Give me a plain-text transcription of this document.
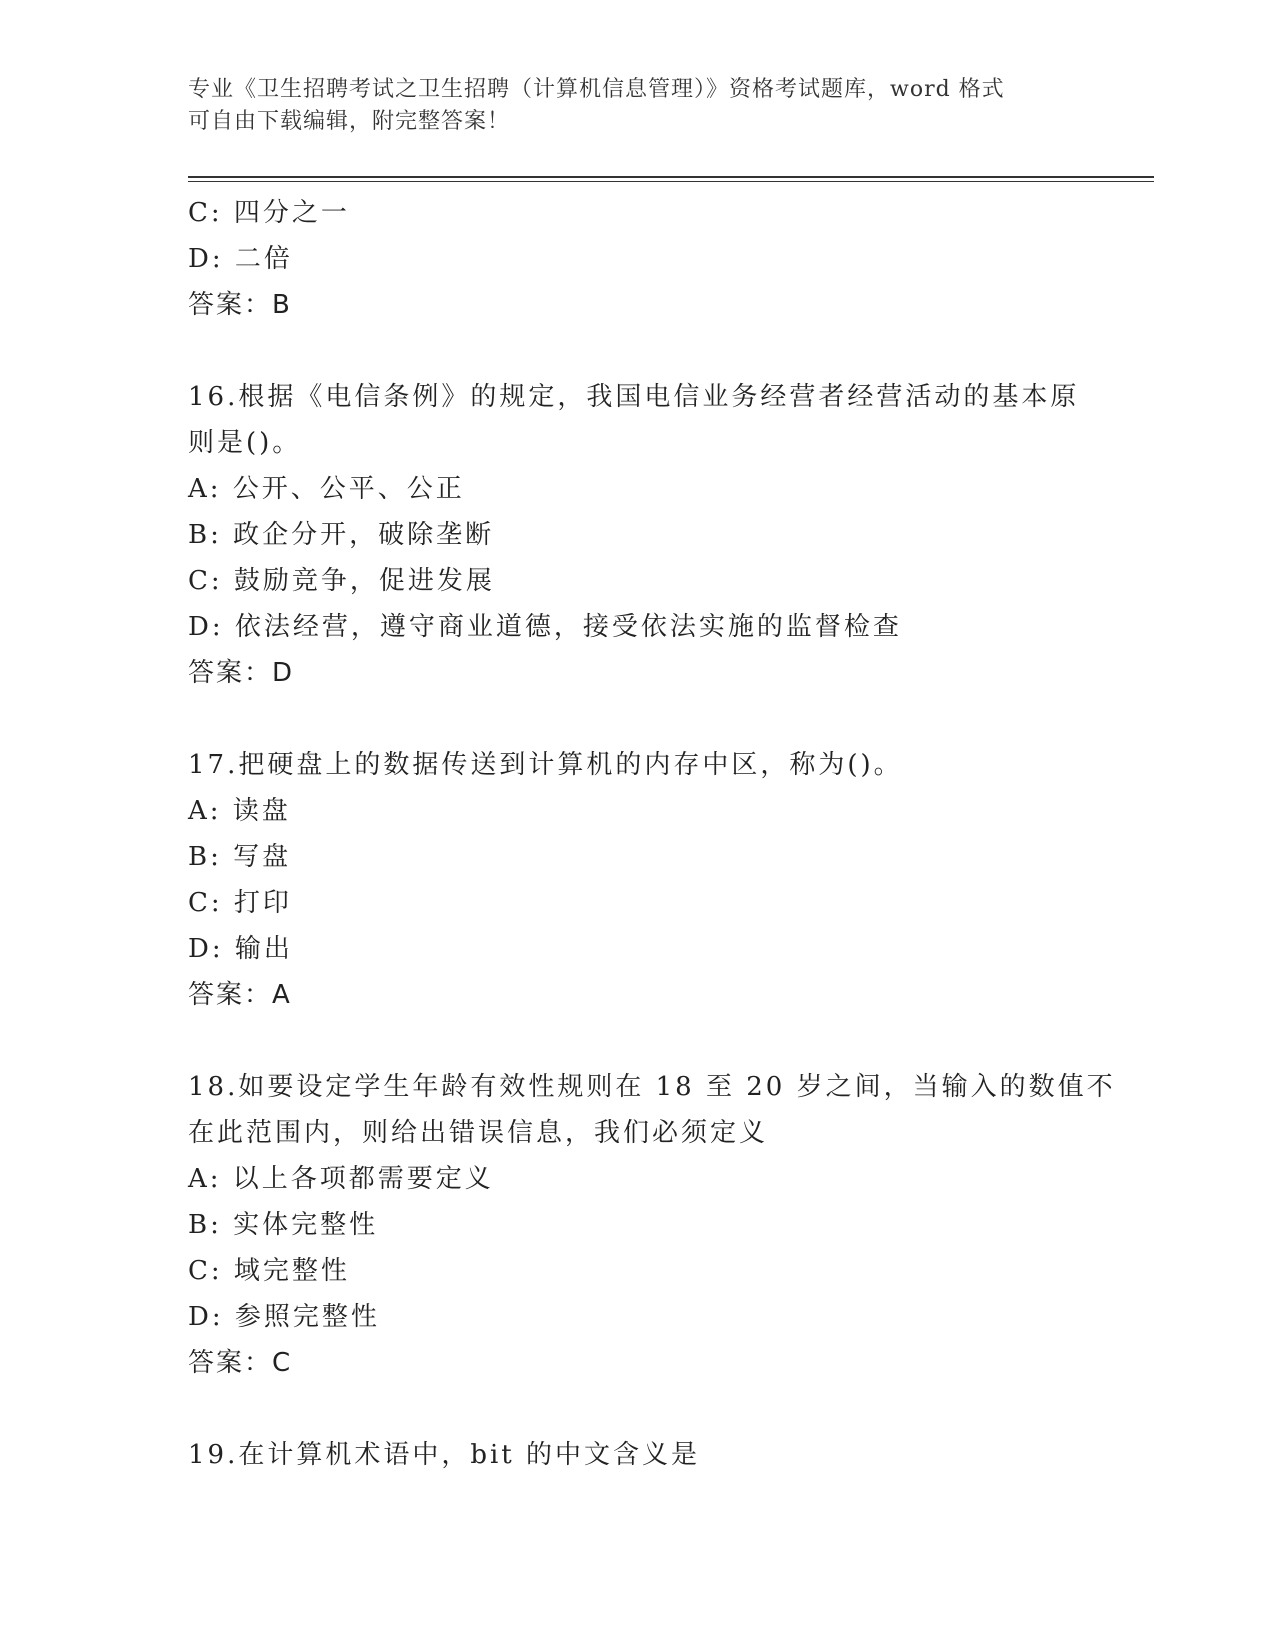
专业《卫生招聘考试之卫生招聘（计算机信息管理）》资格考试题库，word 格式
可自由下载编辑，附完整答案！
C: 四分之一
D: 二倍
答案：B
16.根据《电信条例》的规定，我国电信业务经营者经营活动的基本原
则是()。
A: 公开、公平、公正
B: 政企分开，破除垄断
C: 鼓励竞争，促进发展
D: 依法经营，遵守商业道德，接受依法实施的监督检查
答案：D
17.把硬盘上的数据传送到计算机的内存中区，称为()。
A: 读盘
B: 写盘
C: 打印
D: 输出
答案：A
18.如要设定学生年龄有效性规则在 18 至 20 岁之间，当输入的数值不
在此范围内，则给出错误信息，我们必须定义
A: 以上各项都需要定义
B: 实体完整性
C: 域完整性
D: 参照完整性
答案：C
19.在计算机术语中，bit 的中文含义是
